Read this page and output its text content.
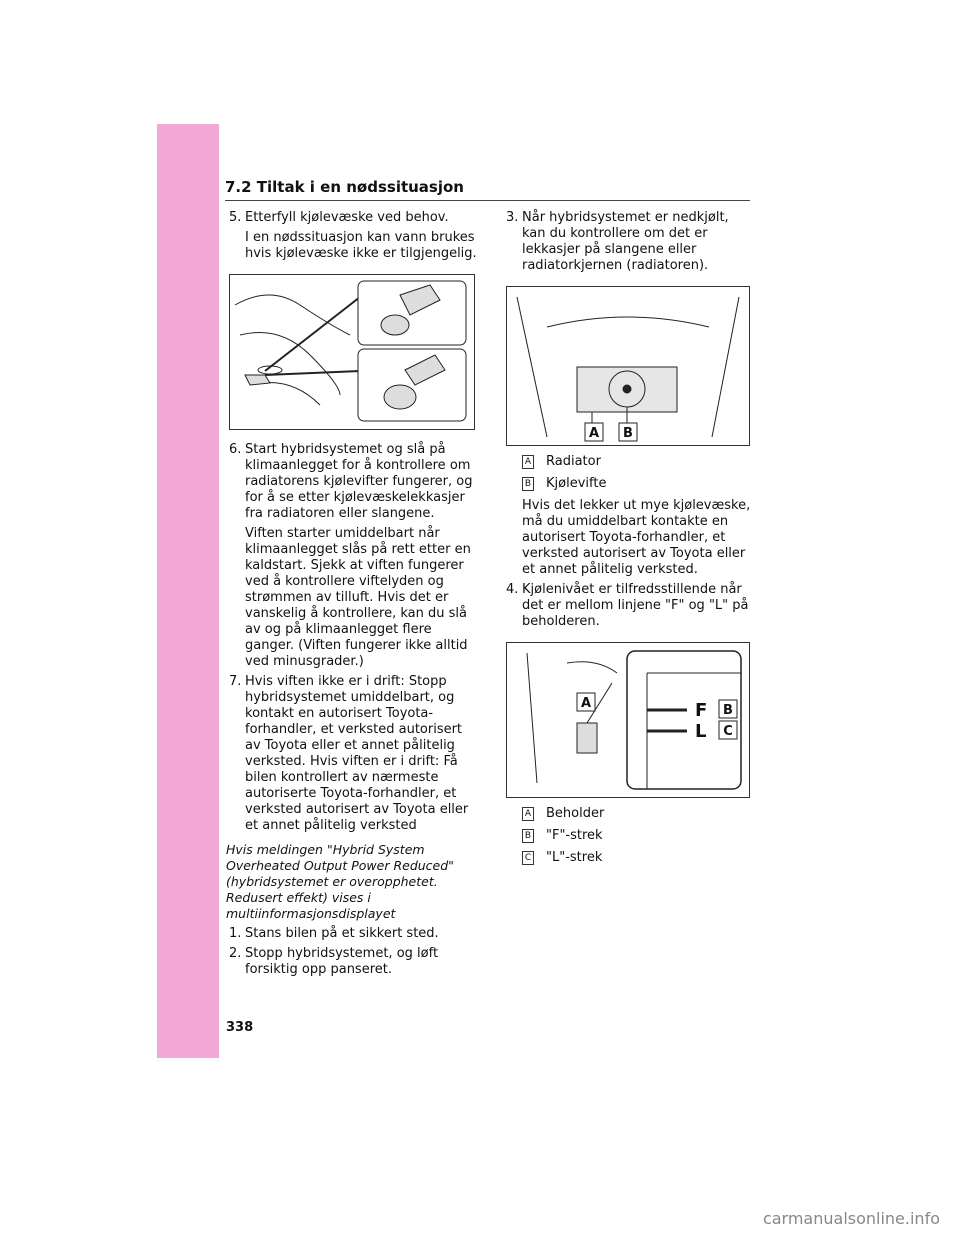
7.2 Tiltak i en nødssituasjon
5. Etterfyll kjølevæske ved behov.
I en nødssituasjon kan vann brukes hvis kjølevæske ikke er tilgjengelig.
6. Start hybridsystemet og slå på klimaanlegget for å kontrollere om radiatorens kjølevifter fungerer, og for å se etter kjølevæskelekkasjer fra radiatoren eller slangene.
Viften starter umiddelbart når klimaanlegget slås på rett etter en kaldstart. Sjekk at viften fungerer ved å kontrollere viftelyden og strømmen av tilluft. Hvis det er vanskelig å kontrollere, kan du slå av og på klimaanlegget flere ganger. (Viften fungerer ikke alltid ved minusgrader.)
7. Hvis viften ikke er i drift: Stopp hybridsystemet umiddelbart, og kontakt en autorisert Toyota-forhandler, et verksted autorisert av Toyota eller et annet pålitelig verksted. Hvis viften er i drift: Få bilen kontrollert av nærmeste autoriserte Toyota-forhandler, et verksted autorisert av Toyota eller et annet pålitelig verksted
Hvis meldingen "Hybrid System Overheated Output Power Reduced" (hybridsystemet er overopphetet. Redusert effekt) vises i multiinformasjonsdisplayet
1. Stans bilen på et sikkert sted.
2. Stopp hybridsystemet, og løft forsiktig opp panseret.
3. Når hybridsystemet er nedkjølt, kan du kontrollere om det er lekkasjer på slangene eller radiatorkjernen (radiatoren).
A B
A Radiator
B Kjølevifte
Hvis det lekker ut mye kjølevæske, må du umiddelbart kontakte en autorisert Toyota-forhandler, et verksted autorisert av Toyota eller et annet pålitelig verksted.
4. Kjølenivået er tilfredsstillende når det er mellom linjene "F" og "L" på beholderen.
A	F
L
B
C
A Beholder
B "F"-strek
C "L"-strek
338
carmanualsonline.info
